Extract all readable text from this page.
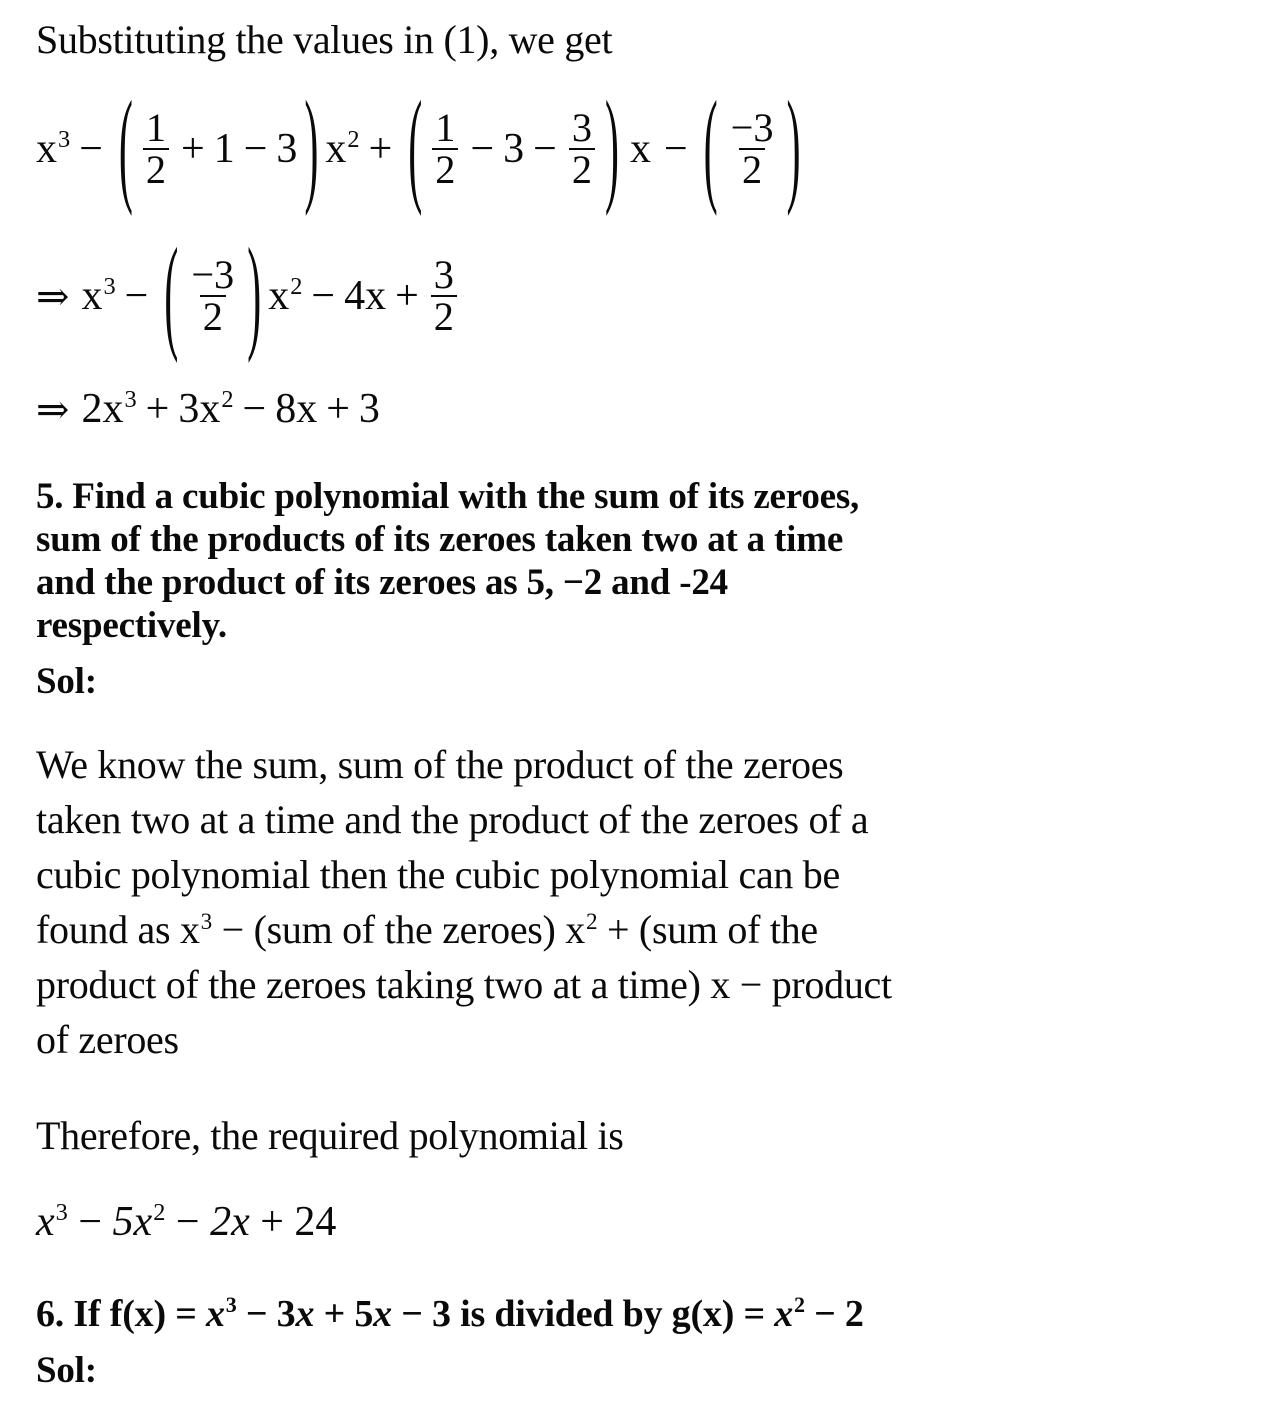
Substituting the values in (1), we get
$x^3$ − ( $\frac{1}{2} + 1 - 3$ ) $x^2$ + ( $\frac{1}{2} - 3 - \frac{3}{2}$ ) x − ( $\frac{-3}{2}$ )
⇒ $x^3$ − ( $\frac{-3}{2}$ ) $x^2 - 4x + \frac{3}{2}$
⇒ $2x^3 + 3x^2 - 8x + 3$
5. Find a cubic polynomial with the sum of its zeroes,
sum of the products of its zeroes taken two at a time
and the product of its zeroes as 5, −2 and -24
respectively.
Sol:
We know the sum, sum of the product of the zeroes
taken two at a time and the product of the zeroes of a
cubic polynomial then the cubic polynomial can be
found as $x^3 - (sum$ of the zeroes) $x^2 + (sum$ of the
product of the zeroes taking two at a time) x − product
of zeroes
Therefore, the required polynomial is
$x^3 - 5x^2 - 2x + 24$
6. If $f(x) = x^3 - 3x + 5x - 3$ is divided by $g(x) = x^2 - 2$
Sol:
